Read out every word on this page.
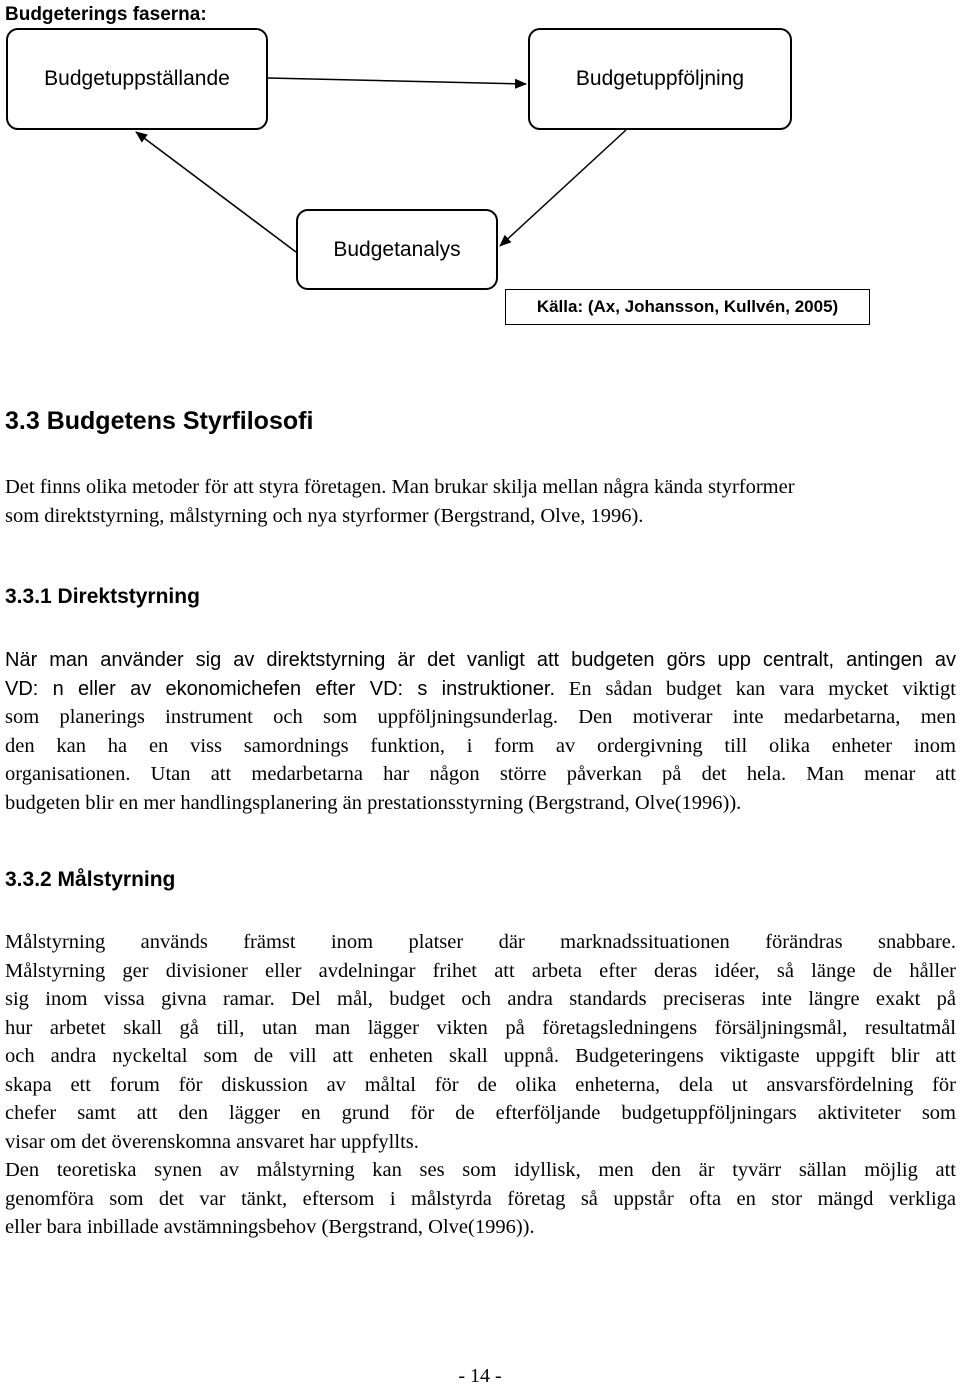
Budgeterings faserna:
Budgetuppställande	Budgetuppföljning
Budgetanalys
Källa: (Ax, Johansson, Kullvén, 2005)
3.3 Budgetens Styrfilosofi

Det finns olika metoder för att styra företagen. Man brukar skilja mellan några kända styrformer
som direktstyrning, målstyrning och nya styrformer (Bergstrand, Olve, 1996).

3.3.1 Direktstyrning

När man använder sig av direktstyrning är det vanligt att budgeten görs upp centralt, antingen av
VD: n eller av ekonomichefen efter VD: s instruktioner. En sådan budget kan vara mycket viktigt
som planerings instrument och som uppföljningsunderlag. Den motiverar inte medarbetarna, men
den kan ha en viss samordnings funktion, i form av ordergivning till olika enheter inom
organisationen. Utan att medarbetarna har någon större påverkan på det hela. Man menar att
budgeten blir en mer handlingsplanering än prestationsstyrning (Bergstrand, Olve(1996)).

3.3.2 Målstyrning

Målstyrning används främst inom platser där marknadssituationen förändras snabbare.
Målstyrning ger divisioner eller avdelningar frihet att arbeta efter deras idéer, så länge de håller
sig inom vissa givna ramar. Del mål, budget och andra standards preciseras inte längre exakt på
hur arbetet skall gå till, utan man lägger vikten på företagsledningens försäljningsmål, resultatmål
och andra nyckeltal som de vill att enheten skall uppnå. Budgeteringens viktigaste uppgift blir att
skapa ett forum för diskussion av måltal för de olika enheterna, dela ut ansvarsfördelning för
chefer samt att den lägger en grund för de efterföljande budgetuppföljningars aktiviteter som
visar om det överenskomna ansvaret har uppfyllts.
Den teoretiska synen av målstyrning kan ses som idyllisk, men den är tyvärr sällan möjlig att
genomföra som det var tänkt, eftersom i målstyrda företag så uppstår ofta en stor mängd verkliga
eller bara inbillade avstämningsbehov (Bergstrand, Olve(1996)).

- 14 -
